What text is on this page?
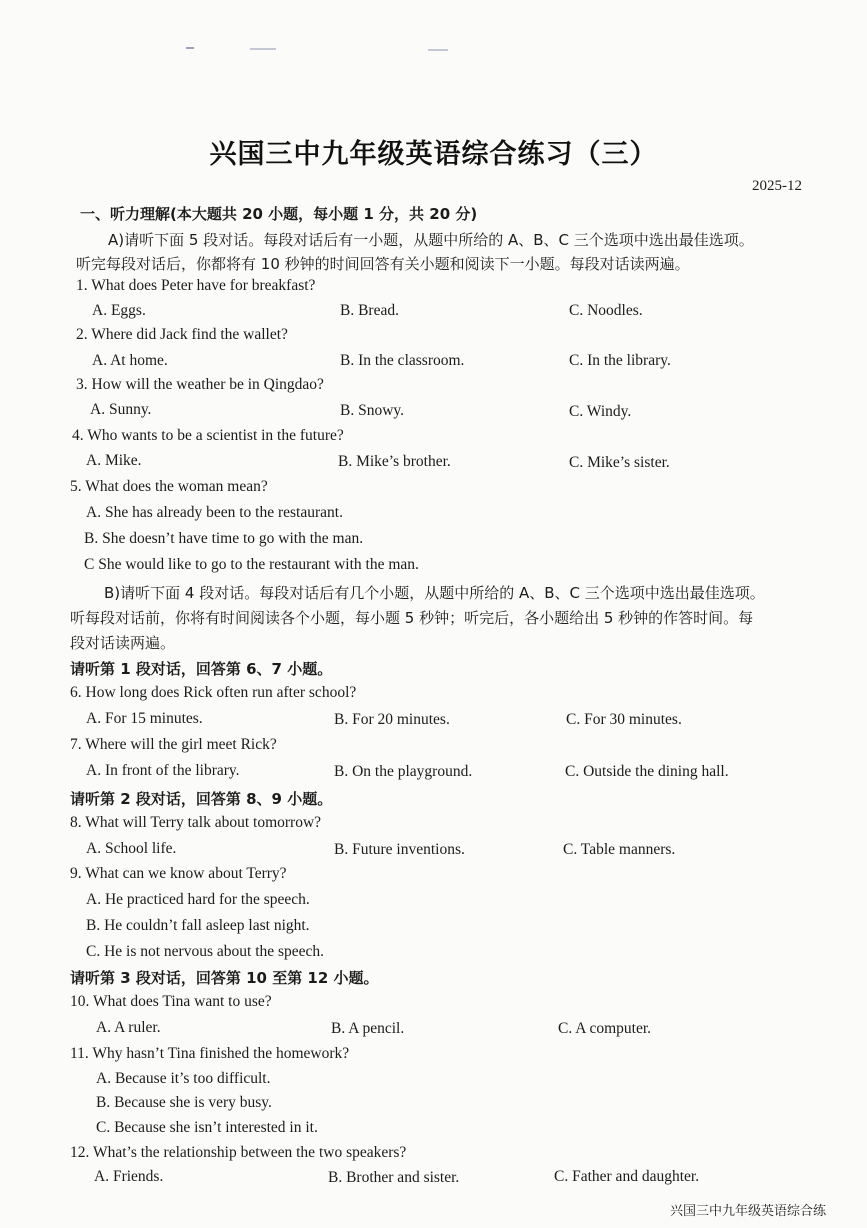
兴国三中九年级英语综合练习（三）
2025-12
一、听力理解(本大题共 20 小题，每小题 1 分，共 20 分)
A)请听下面 5 段对话。每段对话后有一小题，从题中所给的 A、B、C 三个选项中选出最佳选项。
听完每段对话后，你都将有 10 秒钟的时间回答有关小题和阅读下一小题。每段对话读两遍。
1. What does Peter have for breakfast?
A. Eggs.	B. Bread.	C. Noodles.
2. Where did Jack find the wallet?
A. At home.	B. In the classroom.	C. In the library.
3. How will the weather be in Qingdao?
A. Sunny.	B. Snowy.	C. Windy.
4. Who wants to be a scientist in the future?
A. Mike.	B. Mike’s brother.	C. Mike’s sister.
5. What does the woman mean?
A. She has already been to the restaurant.
B. She doesn’t have time to go with the man.
C She would like to go to the restaurant with the man.
B)请听下面 4 段对话。每段对话后有几个小题，从题中所给的 A、B、C 三个选项中选出最佳选项。
听每段对话前，你将有时间阅读各个小题，每小题 5 秒钟；听完后，各小题给出 5 秒钟的作答时间。每
段对话读两遍。
请听第 1 段对话，回答第 6、7 小题。
6. How long does Rick often run after school?
A. For 15 minutes.	B. For 20 minutes.	C. For 30 minutes.
7. Where will the girl meet Rick?
A. In front of the library.	B. On the playground.	C. Outside the dining hall.
请听第 2 段对话，回答第 8、9 小题。
8. What will Terry talk about tomorrow?
A. School life.	B. Future inventions.	C. Table manners.
9. What can we know about Terry?
A. He practiced hard for the speech.
B. He couldn’t fall asleep last night.
C. He is not nervous about the speech.
请听第 3 段对话，回答第 10 至第 12 小题。
10. What does Tina want to use?
A. A ruler.	B. A pencil.	C. A computer.
11. Why hasn’t Tina finished the homework?
A. Because it’s too difficult.
B. Because she is very busy.
C. Because she isn’t interested in it.
12. What’s the relationship between the two speakers?
A. Friends.	B. Brother and sister.	C. Father and daughter.
兴国三中九年级英语综合练
